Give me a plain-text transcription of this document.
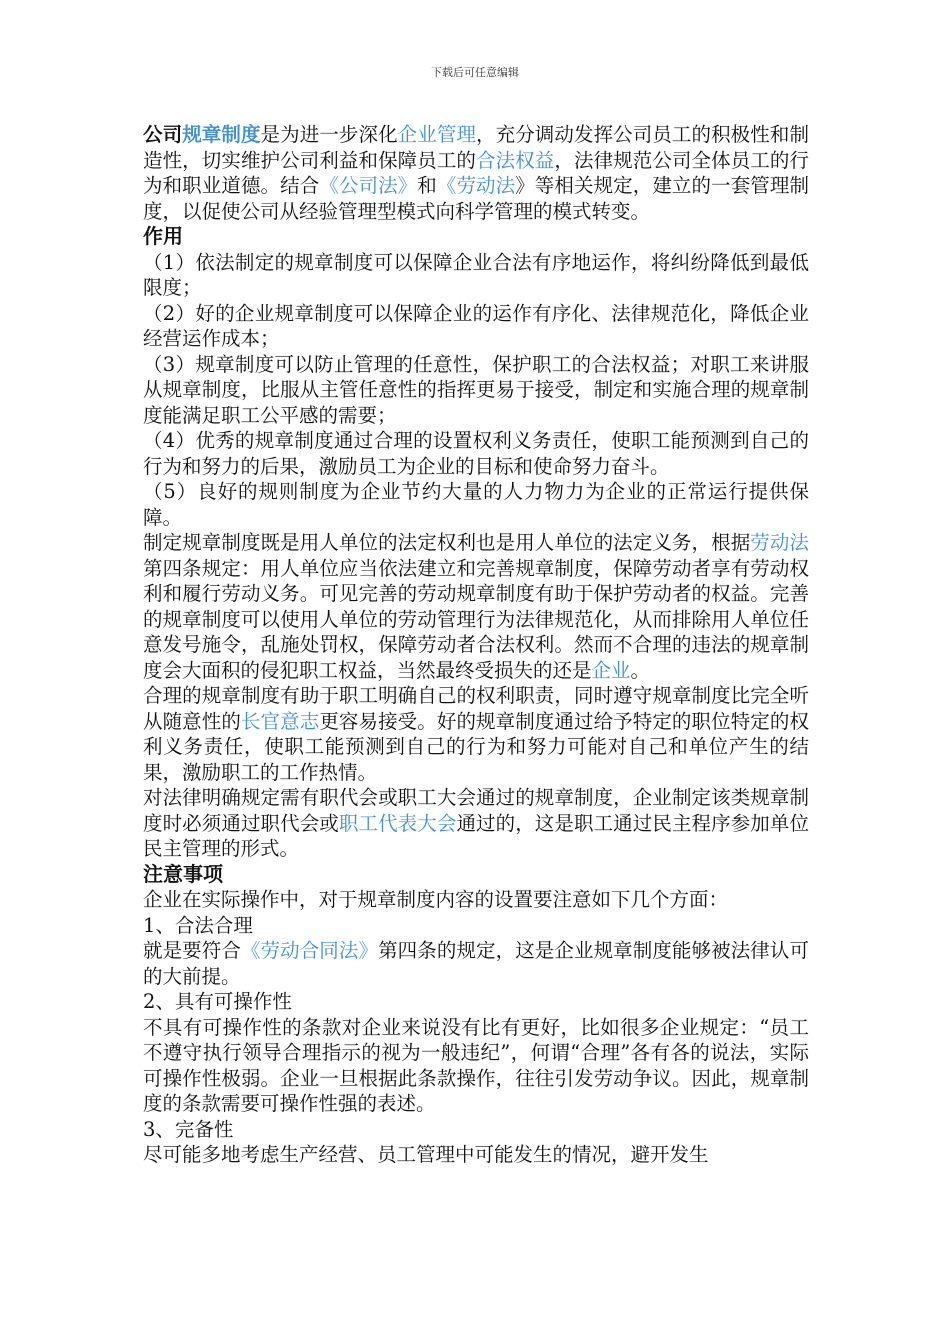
下载后可任意编辑

公司规章制度是为进一步深化企业管理，充分调动发挥公司员工的积极性和制造性，切实维护公司利益和保障员工的合法权益，法律规范公司全体员工的行为和职业道德。结合《公司法》和《劳动法》等相关规定，建立的一套管理制度，以促使公司从经验管理型模式向科学管理的模式转变。

作用

（1）依法制定的规章制度可以保障企业合法有序地运作，将纠纷降低到最低限度；

（2）好的企业规章制度可以保障企业的运作有序化、法律规范化，降低企业经营运作成本；

（3）规章制度可以防止管理的任意性，保护职工的合法权益；对职工来讲服从规章制度，比服从主管任意性的指挥更易于接受，制定和实施合理的规章制度能满足职工公平感的需要；

（4）优秀的规章制度通过合理的设置权利义务责任，使职工能预测到自己的行为和努力的后果，激励员工为企业的目标和使命努力奋斗。

（5）良好的规则制度为企业节约大量的人力物力为企业的正常运行提供保障。

制定规章制度既是用人单位的法定权利也是用人单位的法定义务，根据劳动法第四条规定：用人单位应当依法建立和完善规章制度，保障劳动者享有劳动权利和履行劳动义务。可见完善的劳动规章制度有助于保护劳动者的权益。完善的规章制度可以使用人单位的劳动管理行为法律规范化，从而排除用人单位任意发号施令，乱施处罚权，保障劳动者合法权利。然而不合理的违法的规章制度会大面积的侵犯职工权益，当然最终受损失的还是企业。

合理的规章制度有助于职工明确自己的权利职责，同时遵守规章制度比完全听从随意性的长官意志更容易接受。好的规章制度通过给予特定的职位特定的权利义务责任，使职工能预测到自己的行为和努力可能对自己和单位产生的结果，激励职工的工作热情。

对法律明确规定需有职代会或职工大会通过的规章制度，企业制定该类规章制度时必须通过职代会或职工代表大会通过的，这是职工通过民主程序参加单位民主管理的形式。

注意事项

企业在实际操作中，对于规章制度内容的设置要注意如下几个方面：

1、合法合理

就是要符合《劳动合同法》第四条的规定，这是企业规章制度能够被法律认可的大前提。

2、具有可操作性

不具有可操作性的条款对企业来说没有比有更好，比如很多企业规定：“员工不遵守执行领导合理指示的视为一般违纪”，何谓“合理”各有各的说法，实际可操作性极弱。企业一旦根据此条款操作，往往引发劳动争议。因此，规章制度的条款需要可操作性强的表述。

3、完备性

尽可能多地考虑生产经营、员工管理中可能发生的情况，避开发生
